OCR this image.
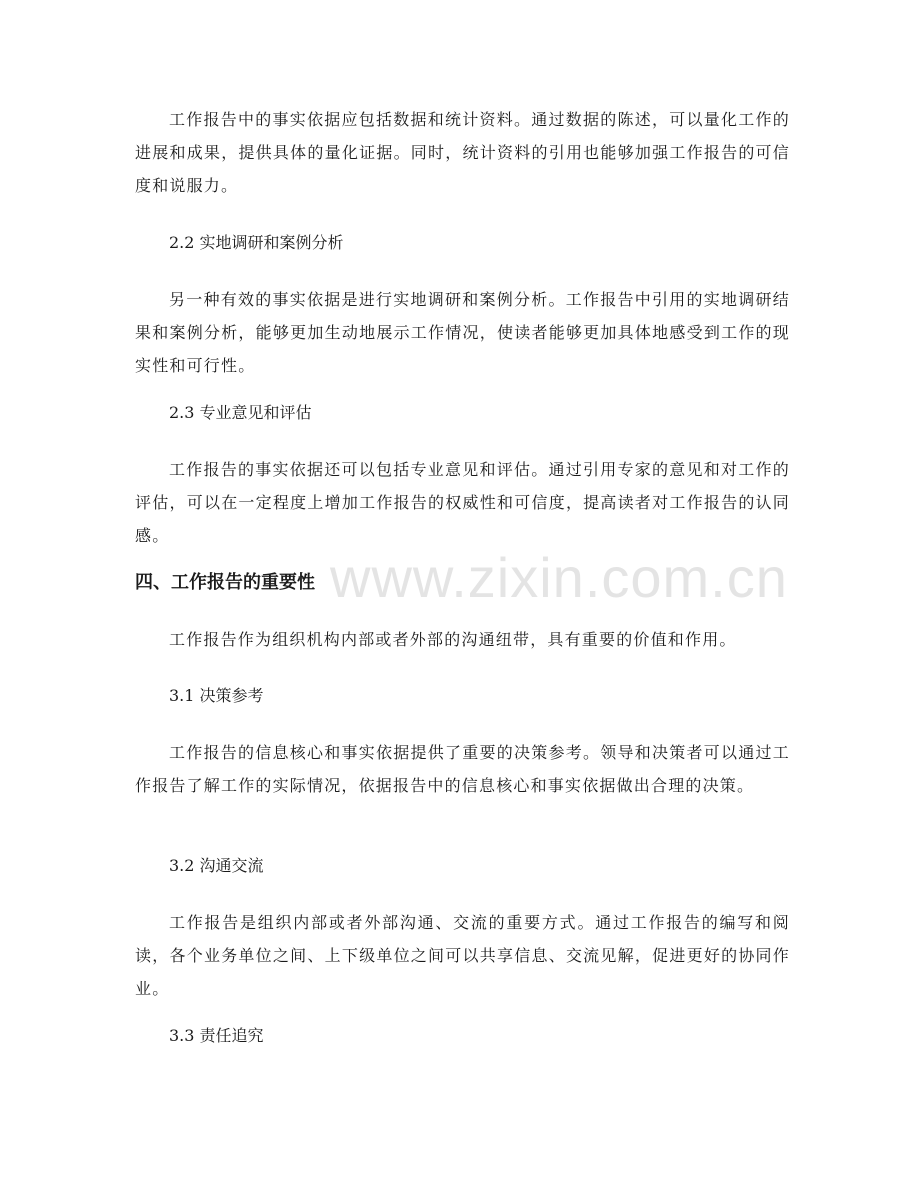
www.zixin.com.cn

工作报告中的事实依据应包括数据和统计资料。通过数据的陈述，可以量化工作的进展和成果，提供具体的量化证据。同时，统计资料的引用也能够加强工作报告的可信度和说服力。

2.2 实地调研和案例分析

另一种有效的事实依据是进行实地调研和案例分析。工作报告中引用的实地调研结果和案例分析，能够更加生动地展示工作情况，使读者能够更加具体地感受到工作的现实性和可行性。

2.3 专业意见和评估

工作报告的事实依据还可以包括专业意见和评估。通过引用专家的意见和对工作的评估，可以在一定程度上增加工作报告的权威性和可信度，提高读者对工作报告的认同感。

四、工作报告的重要性

工作报告作为组织机构内部或者外部的沟通纽带，具有重要的价值和作用。

3.1 决策参考

工作报告的信息核心和事实依据提供了重要的决策参考。领导和决策者可以通过工作报告了解工作的实际情况，依据报告中的信息核心和事实依据做出合理的决策。

3.2 沟通交流

工作报告是组织内部或者外部沟通、交流的重要方式。通过工作报告的编写和阅读，各个业务单位之间、上下级单位之间可以共享信息、交流见解，促进更好的协同作业。

3.3 责任追究
